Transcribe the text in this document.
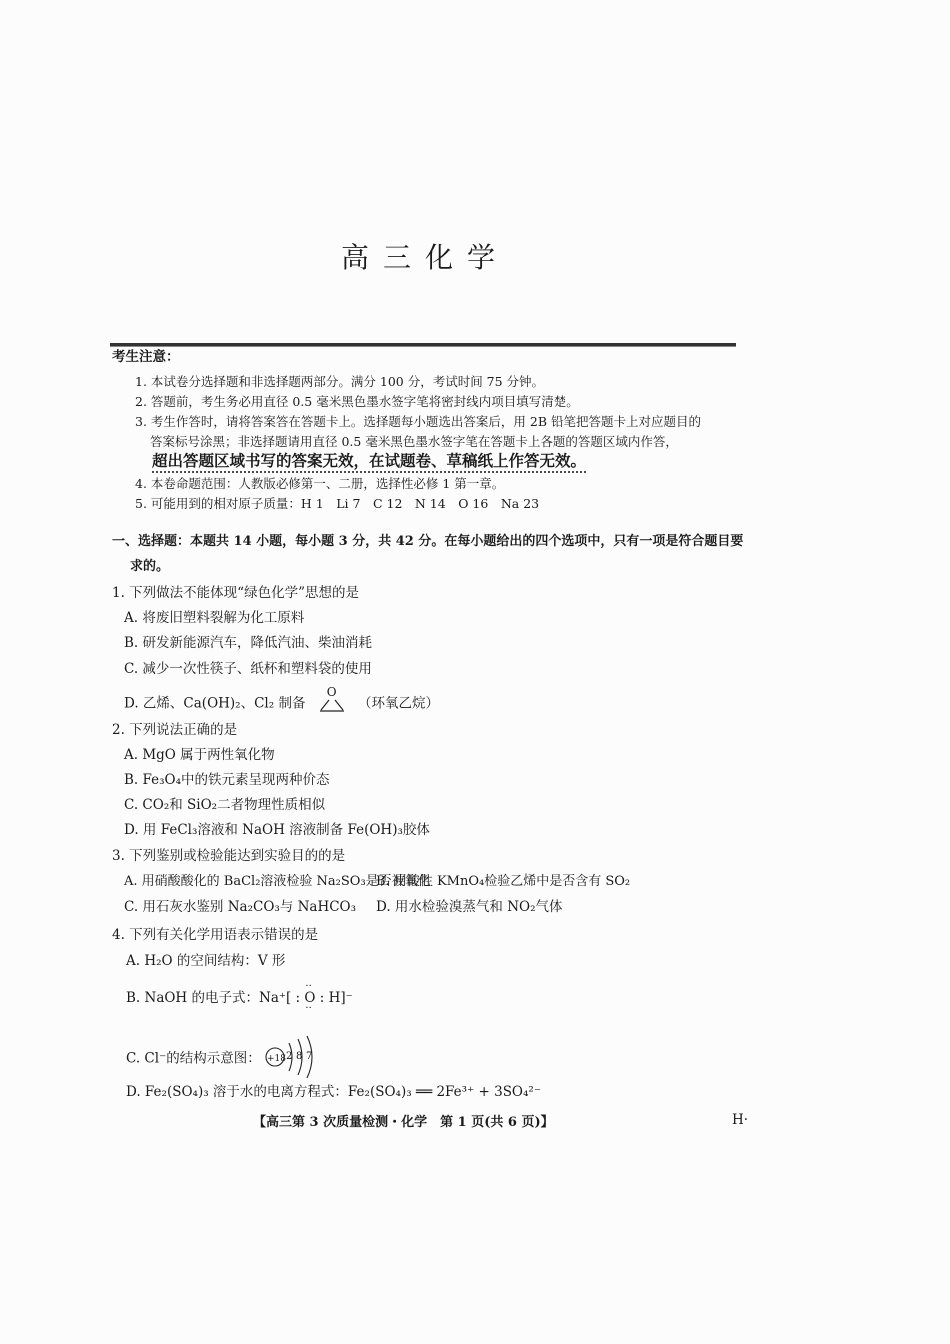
高三化学
考生注意：
1. 本试卷分选择题和非选择题两部分。满分 100 分，考试时间 75 分钟。
2. 答题前，考生务必用直径 0.5 毫米黑色墨水签字笔将密封线内项目填写清楚。
3. 考生作答时，请将答案答在答题卡上。选择题每小题选出答案后，用 2B 铅笔把答题卡上对应题目的
答案标号涂黑；非选择题请用直径 0.5 毫米黑色墨水签字笔在答题卡上各题的答题区域内作答，
超出答题区域书写的答案无效，在试题卷、草稿纸上作答无效。
4. 本卷命题范围：人教版必修第一、二册，选择性必修 1 第一章。
5. 可能用到的相对原子质量：H 1　Li 7　C 12　N 14　O 16　Na 23
一、选择题：本题共 14 小题，每小题 3 分，共 42 分。在每小题给出的四个选项中，只有一项是符合题目要
求的。
1. 下列做法不能体现“绿色化学”思想的是
A. 将废旧塑料裂解为化工原料
B. 研发新能源汽车，降低汽油、柴油消耗
C. 减少一次性筷子、纸杯和塑料袋的使用
D. 乙烯、Ca(OH)₂、Cl₂ 制备
O
（环氧乙烷）
2. 下列说法正确的是
A. MgO 属于两性氧化物
B. Fe₃O₄中的铁元素呈现两种价态
C. CO₂和 SiO₂二者物理性质相似
D. 用 FeCl₃溶液和 NaOH 溶液制备 Fe(OH)₃胶体
3. 下列鉴别或检验能达到实验目的的是
A. 用硝酸酸化的 BaCl₂溶液检验 Na₂SO₃是否被氧化
B. 用酸性 KMnO₄检验乙烯中是否含有 SO₂
C. 用石灰水鉴别 Na₂CO₃与 NaHCO₃ D. 用水检验溴蒸气和 NO₂气体
4. 下列有关化学用语表示错误的是
A. H₂O 的空间结构：V 形
B. NaOH 的电子式：Na⁺[ :
··
O
··
: H]⁻
C. Cl⁻的结构示意图： +18 2 8 7
D. Fe₂(SO₄)₃ 溶于水的电离方程式：Fe₂(SO₄)₃ ══ 2Fe³⁺ + 3SO₄²⁻
【高三第 3 次质量检测・化学　第 1 页(共 6 页)】	H·
